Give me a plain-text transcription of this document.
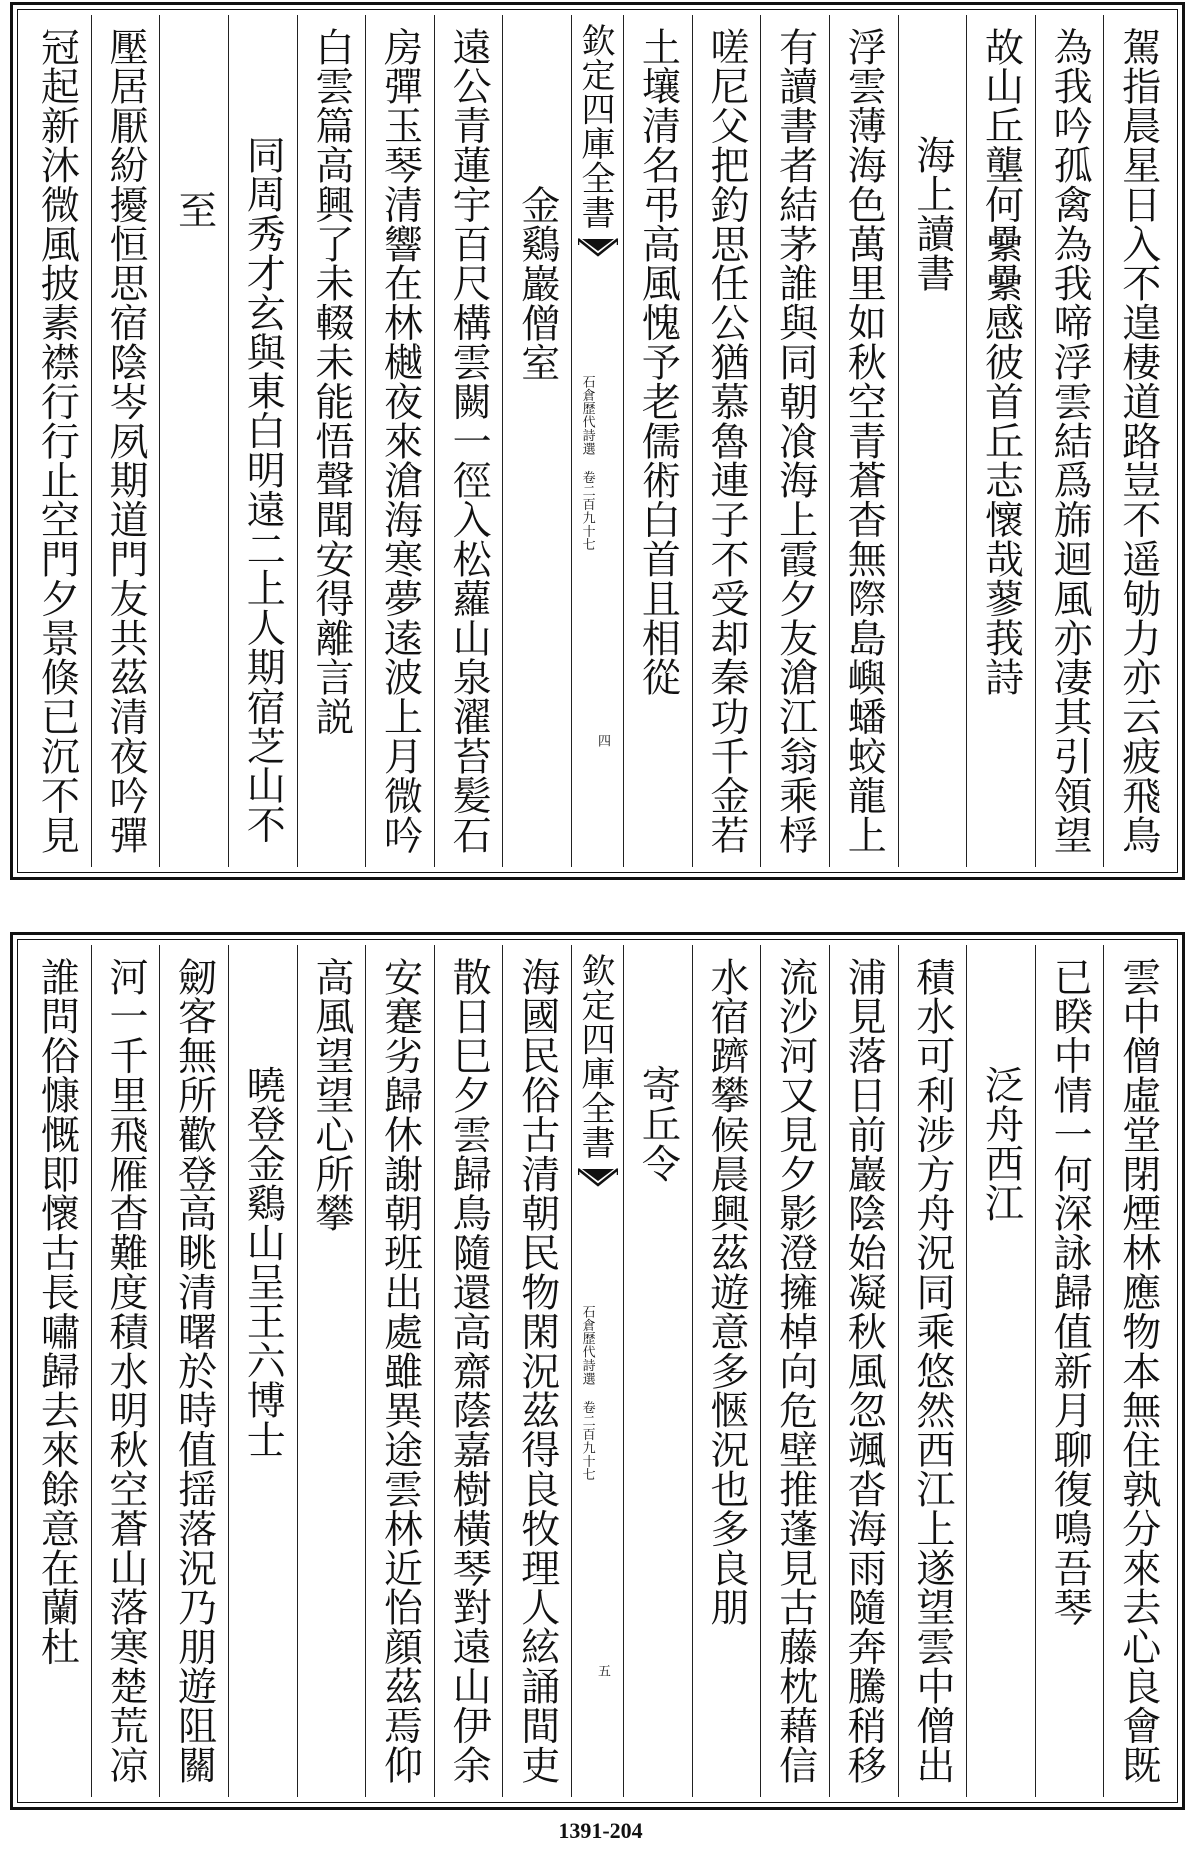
駕指晨星日入不遑棲道路豈不遥劬力亦云疲飛鳥
為我吟孤禽為我啼浮雲結爲旆迴風亦凄其引領望
故山丘壟何纍纍感彼首丘志懷哉蓼莪詩
海上讀書
浮雲薄海色萬里如秋空青蒼杳無際島嶼蟠蛟龍上
有讀書者結茅誰與同朝飡海上霞夕友滄江翁乘桴
嗟尼父把釣思任公猶慕魯連子不受却秦功千金若
土壤清名弔高風愧予老儒術白首且相從
欽定四庫全書
石倉歷代詩選 卷二百九十七
四
金鷄巖僧室
遠公青蓮宇百尺構雲闕一徑入松蘿山泉濯苔髪石
房彈玉琴清響在林樾夜來滄海寒夢逺波上月微吟
白雲篇高興了未輟未能悟聲聞安得離言説
同周秀才玄與東白明遠二上人期宿芝山不
至
壓居厭紛擾恒思宿陰岑夙期道門友共茲清夜吟彈
冠起新沐微風披素襟行行止空門夕景倏已沉不見
雲中僧虛堂閉煙林應物本無住孰分來去心良會既
已睽中情一何深詠歸值新月聊復鳴吾琴
泛舟西江
積水可利涉方舟況同乘悠然西江上遂望雲中僧出
浦見落日前巖陰始凝秋風忽颯沓海雨隨奔騰稍移
流沙河又見夕影澄擁棹向危壁推蓬見古藤枕藉信
水宿躋攀候晨興茲遊意多愜況也多良朋
寄丘令
欽定四庫全書
石倉歷代詩選 卷二百九十七
五
海國民俗古清朝民物閑況茲得良牧理人絃誦間吏
散日巳夕雲歸鳥隨還高齋蔭嘉樹橫琴對遠山伊余
安蹇劣歸休謝朝班出處雖異途雲林近怡顔茲焉仰
高風望望心所攀
曉登金鷄山呈王六博士
劒客無所歡登高眺清曙於時值揺落況乃朋遊阻關
河一千里飛雁杳難度積水明秋空蒼山落寒楚荒凉
誰問俗慷慨即懷古長嘯歸去來餘意在蘭杜
1391-204
